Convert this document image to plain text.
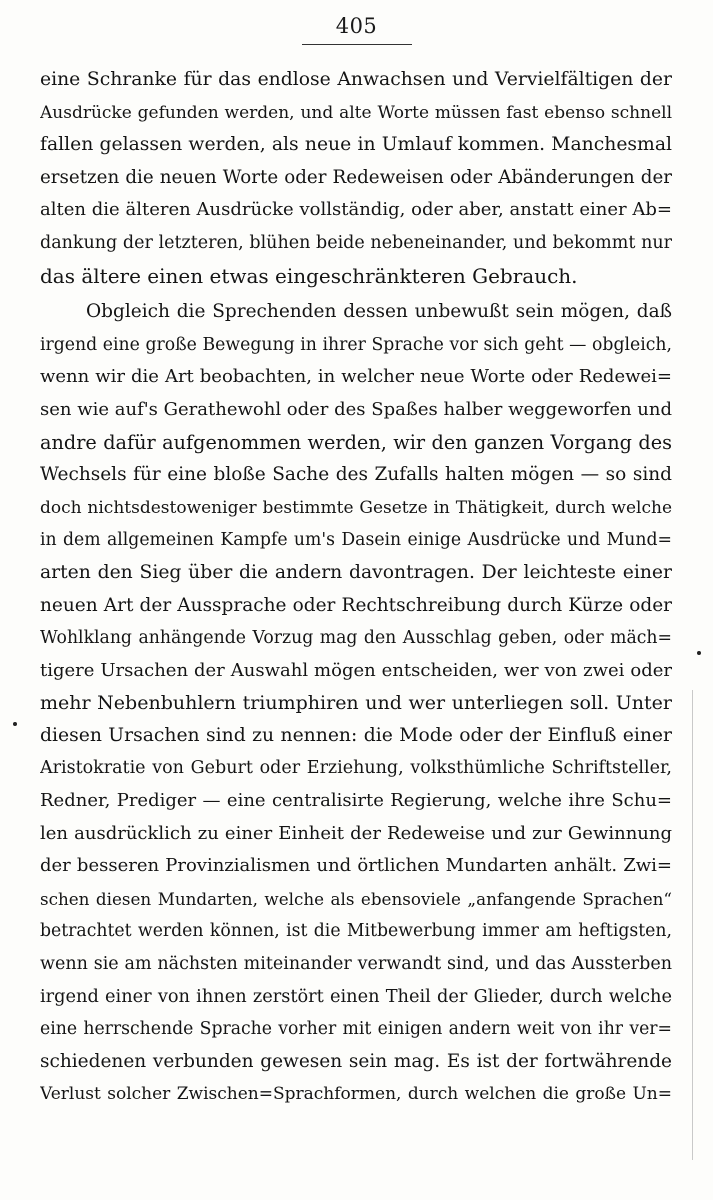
405
eine Schranke für das endlose Anwachsen und Vervielfältigen der
Ausdrücke gefunden werden, und alte Worte müssen fast ebenso schnell
fallen gelassen werden, als neue in Umlauf kommen. Manchesmal
ersetzen die neuen Worte oder Redeweisen oder Abänderungen der
alten die älteren Ausdrücke vollständig, oder aber, anstatt einer Ab=
dankung der letzteren, blühen beide nebeneinander, und bekommt nur
das ältere einen etwas eingeschränkteren Gebrauch.
Obgleich die Sprechenden dessen unbewußt sein mögen, daß
irgend eine große Bewegung in ihrer Sprache vor sich geht — obgleich,
wenn wir die Art beobachten, in welcher neue Worte oder Redewei=
sen wie auf's Gerathewohl oder des Spaßes halber weggeworfen und
andre dafür aufgenommen werden, wir den ganzen Vorgang des
Wechsels für eine bloße Sache des Zufalls halten mögen — so sind
doch nichtsdestoweniger bestimmte Gesetze in Thätigkeit, durch welche
in dem allgemeinen Kampfe um's Dasein einige Ausdrücke und Mund=
arten den Sieg über die andern davontragen. Der leichteste einer
neuen Art der Aussprache oder Rechtschreibung durch Kürze oder
Wohlklang anhängende Vorzug mag den Ausschlag geben, oder mäch=
tigere Ursachen der Auswahl mögen entscheiden, wer von zwei oder
mehr Nebenbuhlern triumphiren und wer unterliegen soll. Unter
diesen Ursachen sind zu nennen: die Mode oder der Einfluß einer
Aristokratie von Geburt oder Erziehung, volksthümliche Schriftsteller,
Redner, Prediger — eine centralisirte Regierung, welche ihre Schu=
len ausdrücklich zu einer Einheit der Redeweise und zur Gewinnung
der besseren Provinzialismen und örtlichen Mundarten anhält. Zwi=
schen diesen Mundarten, welche als ebensoviele „anfangende Sprachen“
betrachtet werden können, ist die Mitbewerbung immer am heftigsten,
wenn sie am nächsten miteinander verwandt sind, und das Aussterben
irgend einer von ihnen zerstört einen Theil der Glieder, durch welche
eine herrschende Sprache vorher mit einigen andern weit von ihr ver=
schiedenen verbunden gewesen sein mag. Es ist der fortwährende
Verlust solcher Zwischen=Sprachformen, durch welchen die große Un=
